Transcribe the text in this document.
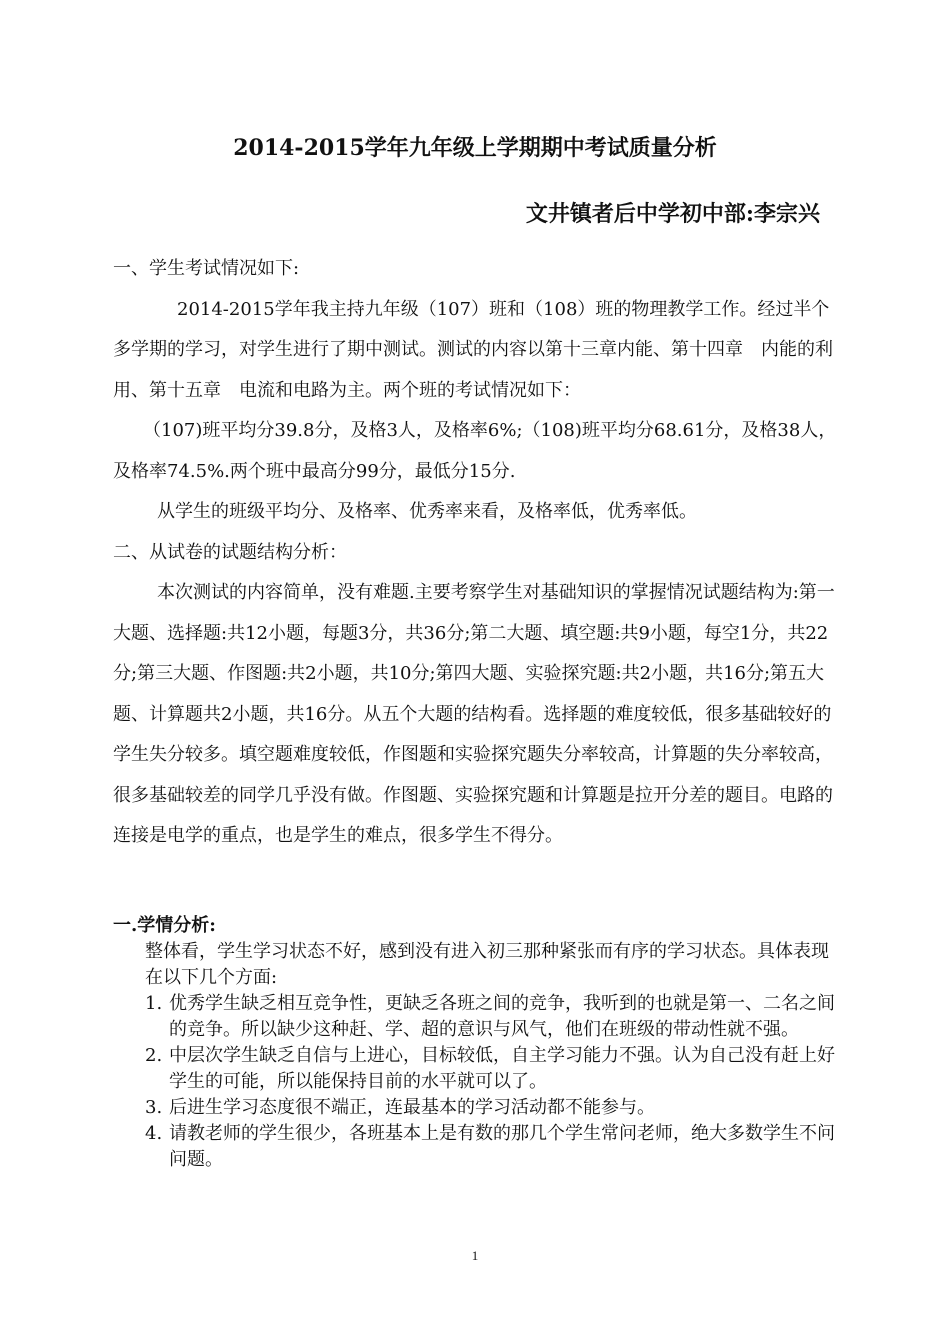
2014-2015学年九年级上学期期中考试质量分析
文井镇者后中学初中部:李宗兴

一、学生考试情况如下:

2014-2015学年我主持九年级（107）班和（108）班的物理教学工作。经过半个多学期的学习，对学生进行了期中测试。测试的内容以第十三章内能、第十四章　内能的利用、第十五章　电流和电路为主。两个班的考试情况如下：

（107)班平均分39.8分，及格3人，及格率6%;（108)班平均分68.61分，及格38人， 及格率74.5%.两个班中最高分99分，最低分15分.

从学生的班级平均分、及格率、优秀率来看，及格率低，优秀率低。

二、从试卷的试题结构分析：

本次测试的内容简单，没有难题.主要考察学生对基础知识的掌握情况试题结构为:第一大题、选择题:共12小题，每题3分，共36分;第二大题、填空题:共9小题，每空1分，共22分;第三大题、作图题:共2小题，共10分;第四大题、实验探究题:共2小题，共16分;第五大题、计算题共2小题，共16分。从五个大题的结构看。选择题的难度较低，很多基础较好的学生失分较多。填空题难度较低，作图题和实验探究题失分率较高，计算题的失分率较高，很多基础较差的同学几乎没有做。作图题、实验探究题和计算题是拉开分差的题目。电路的连接是电学的重点，也是学生的难点，很多学生不得分。

一.学情分析:

整体看，学生学习状态不好，感到没有进入初三那种紧张而有序的学习状态。具体表现在以下几个方面:

1. 优秀学生缺乏相互竞争性，更缺乏各班之间的竞争，我听到的也就是第一、二名之间的竞争。所以缺少这种赶、学、超的意识与风气，他们在班级的带动性就不强。
2. 中层次学生缺乏自信与上进心，目标较低，自主学习能力不强。认为自己没有赶上好学生的可能，所以能保持目前的水平就可以了。
3. 后进生学习态度很不端正，连最基本的学习活动都不能参与。
4. 请教老师的学生很少，各班基本上是有数的那几个学生常问老师，绝大多数学生不问问题。
1
